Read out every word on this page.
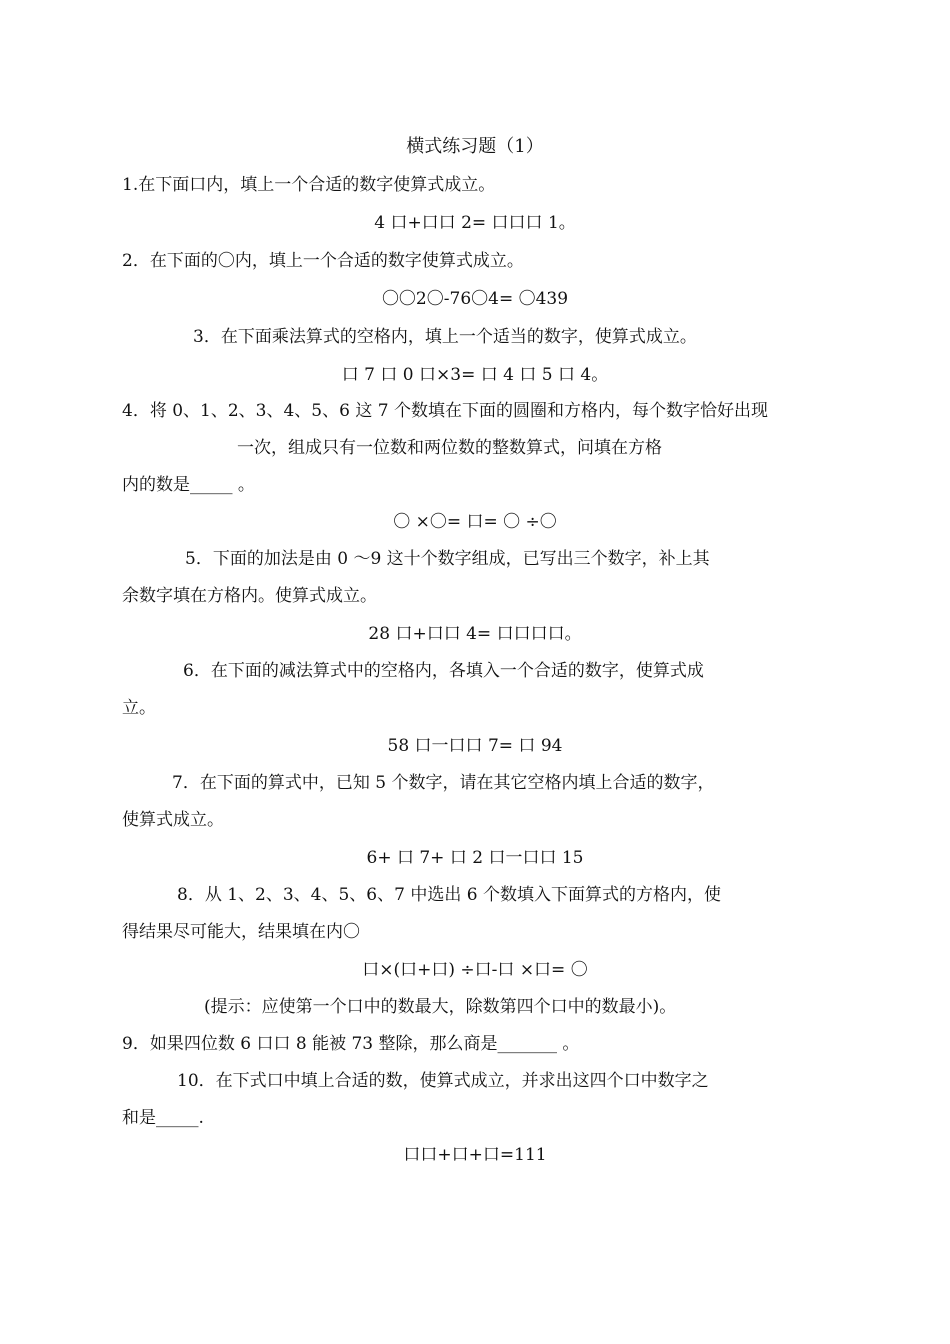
横式练习题（1）
1.在下面口内，填上一个合适的数字使算式成立。
4 口+口口 2= 口口口 1。
2．在下面的〇内，填上一个合适的数字使算式成立。
〇〇2〇-76〇4= 〇439
3．在下面乘法算式的空格内，填上一个适当的数字，使算式成立。
口 7 口 0 口×3= 口 4 口 5 口 4。
4．将 0、1、2、3、4、5、6 这 7 个数填在下面的圆圈和方格内，每个数字恰好出现
一次，组成只有一位数和两位数的整数算式，问填在方格
内的数是_____ 。
〇 ×〇= 口= 〇 ÷〇
5．下面的加法是由 0 ～9 这十个数字组成，已写出三个数字，补上其
余数字填在方格内。使算式成立。
28 口+口口 4= 口口口口。
6．在下面的减法算式中的空格内，各填入一个合适的数字，使算式成
立。
58 口一口口 7= 口 94
7．在下面的算式中，已知 5 个数字，请在其它空格内填上合适的数字，
使算式成立。
6+ 口 7+ 口 2 口一口口 15
8．从 1、2、3、4、5、6、7 中选出 6 个数填入下面算式的方格内，使
得结果尽可能大，结果填在内〇
口×(口+口) ÷口-口 ×口= 〇
(提示：应使第一个口中的数最大，除数第四个口中的数最小)。
9．如果四位数 6 口口 8 能被 73 整除，那么商是_______ 。
10．在下式口中填上合适的数，使算式成立，并求出这四个口中数字之
和是_____.
口口+口+口=111
